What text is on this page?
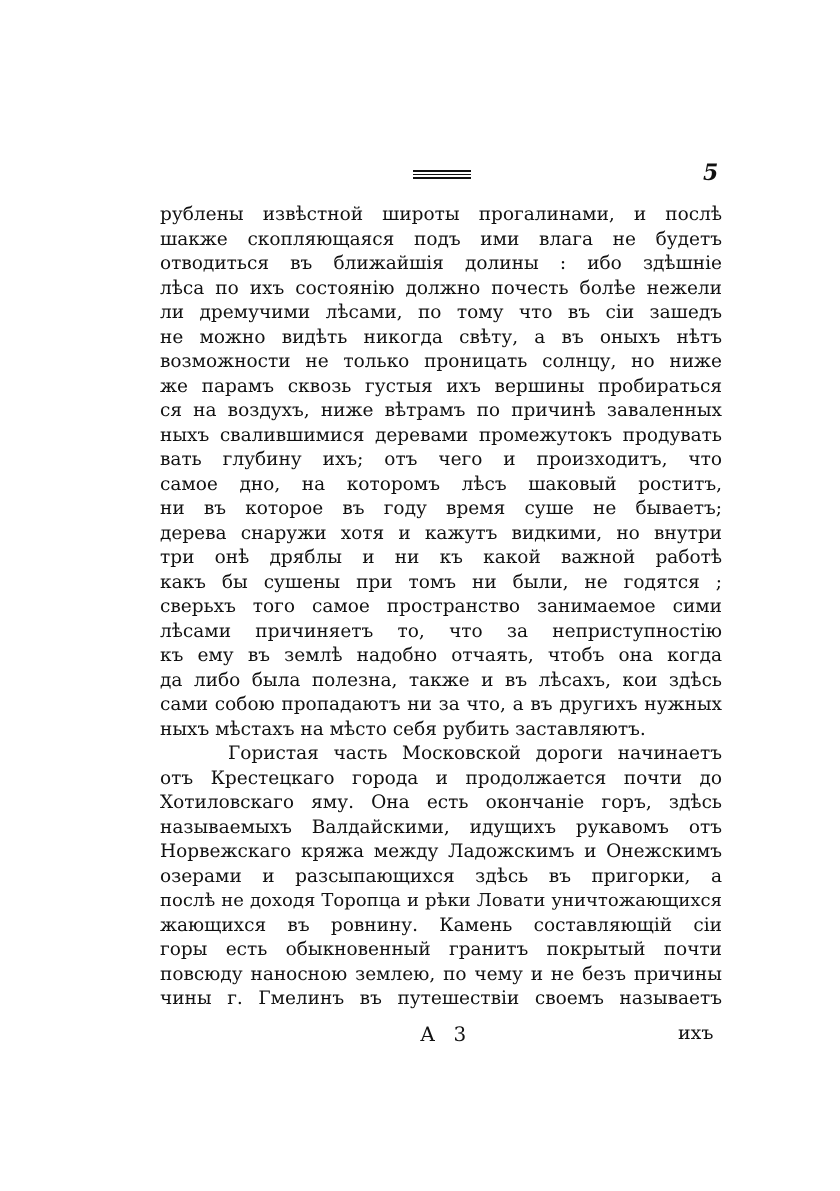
5
рублены извѣстной широты прогалинами, и послѣ
шакже скопляющаяся подъ ими влага не будетъ
отводиться въ ближайшія долины : ибо здѣшніе
лѣса по ихъ состоянію должно почесть болѣе нежели
ли дремучими лѣсами, по тому что въ сіи зашедъ
не можно видѣть никогда свѣту, а въ оныхъ нѣтъ
возможности не только проницать солнцу, но ниже
же парамъ сквозь густыя ихъ вершины пробираться
ся на воздухъ, ниже вѣтрамъ по причинѣ заваленных
ныхъ свалившимися деревами промежутокъ продувать
вать глубину ихъ; отъ чего и произходитъ, что
самое дно, на которомъ лѣсъ шаковый роститъ,
ни въ которое въ году время суше не бываетъ;
дерева снаружи хотя и кажутъ видкими, но внутри
три онѣ дряблы и ни къ какой важной работѣ
какъ бы сушены при томъ ни были, не годятся ;
сверьхъ того самое пространство занимаемое сими
лѣсами причиняетъ то, что за неприступностію
къ ему въ землѣ надобно отчаять, чтобъ она когда
да либо была полезна, также и въ лѣсахъ, кои здѣсь
сами собою пропадаютъ ни за что, а въ другихъ нужных
ныхъ мѣстахъ на мѣсто себя рубить заставляютъ.
Гористая часть Московской дороги начинаетъ
отъ Крестецкаго города и продолжается почти до
Хотиловскаго яму. Она есть окончаніе горъ, здѣсь
называемыхъ Валдайскими, идущихъ рукавомъ отъ
Норвежскаго кряжа между Ладожскимъ и Онежскимъ
озерами и разсыпающихся здѣсь въ пригорки, а
послѣ не доходя Торопца и рѣки Ловати уничтожающихся
жающихся въ ровнину. Камень составляющій сіи
горы есть обыкновенный гранитъ покрытый почти
повсюду наносною землею, по чему и не безъ причины
чины г. Гмелинъ въ путешествіи своемъ называетъ
А 3	ихъ
